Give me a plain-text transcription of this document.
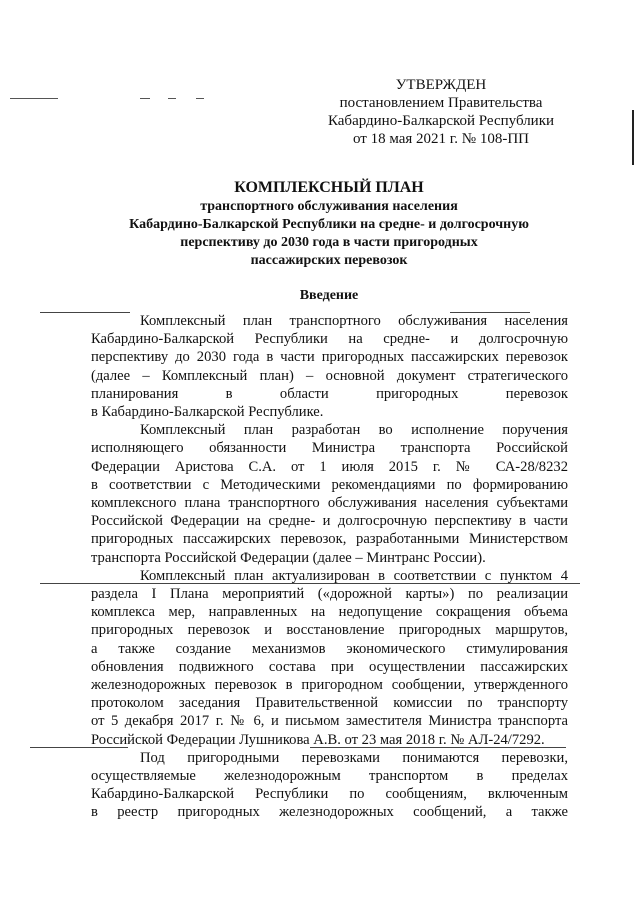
УТВЕРЖДЕН
постановлением Правительства
Кабардино-Балкарской Республики
от 18 мая 2021 г. № 108-ПП
КОМПЛЕКСНЫЙ ПЛАН
транспортного обслуживания населения
Кабардино-Балкарской Республики на средне- и долгосрочную
перспективу до 2030 года в части пригородных
пассажирских перевозок
Введение
Комплексный план транспортного обслуживания населения
Кабардино-Балкарской Республики на средне- и долгосрочную
перспективу до 2030 года в части пригородных пассажирских перевозок
(далее – Комплексный план) – основной документ стратегического
планирования в области пригородных перевозок
в Кабардино-Балкарской Республике.
Комплексный план разработан во исполнение поручения
исполняющего обязанности Министра транспорта Российской
Федерации Аристова С.А. от 1 июля 2015 г. № СА-28/8232
в соответствии с Методическими рекомендациями по формированию
комплексного плана транспортного обслуживания населения субъектами
Российской Федерации на средне- и долгосрочную перспективу в части
пригородных пассажирских перевозок, разработанными Министерством
транспорта Российской Федерации (далее – Минтранс России).
Комплексный план актуализирован в соответствии с пунктом 4
раздела I Плана мероприятий («дорожной карты») по реализации
комплекса мер, направленных на недопущение сокращения объема
пригородных перевозок и восстановление пригородных маршрутов,
а также создание механизмов экономического стимулирования
обновления подвижного состава при осуществлении пассажирских
железнодорожных перевозок в пригородном сообщении, утвержденного
протоколом заседания Правительственной комиссии по транспорту
от 5 декабря 2017 г. № 6, и письмом заместителя Министра транспорта
Российской Федерации Лушникова А.В. от 23 мая 2018 г. № АЛ-24/7292.
Под пригородными перевозками понимаются перевозки,
осуществляемые железнодорожным транспортом в пределах
Кабардино-Балкарской Республики по сообщениям, включенным
в реестр пригородных железнодорожных сообщений, а также
